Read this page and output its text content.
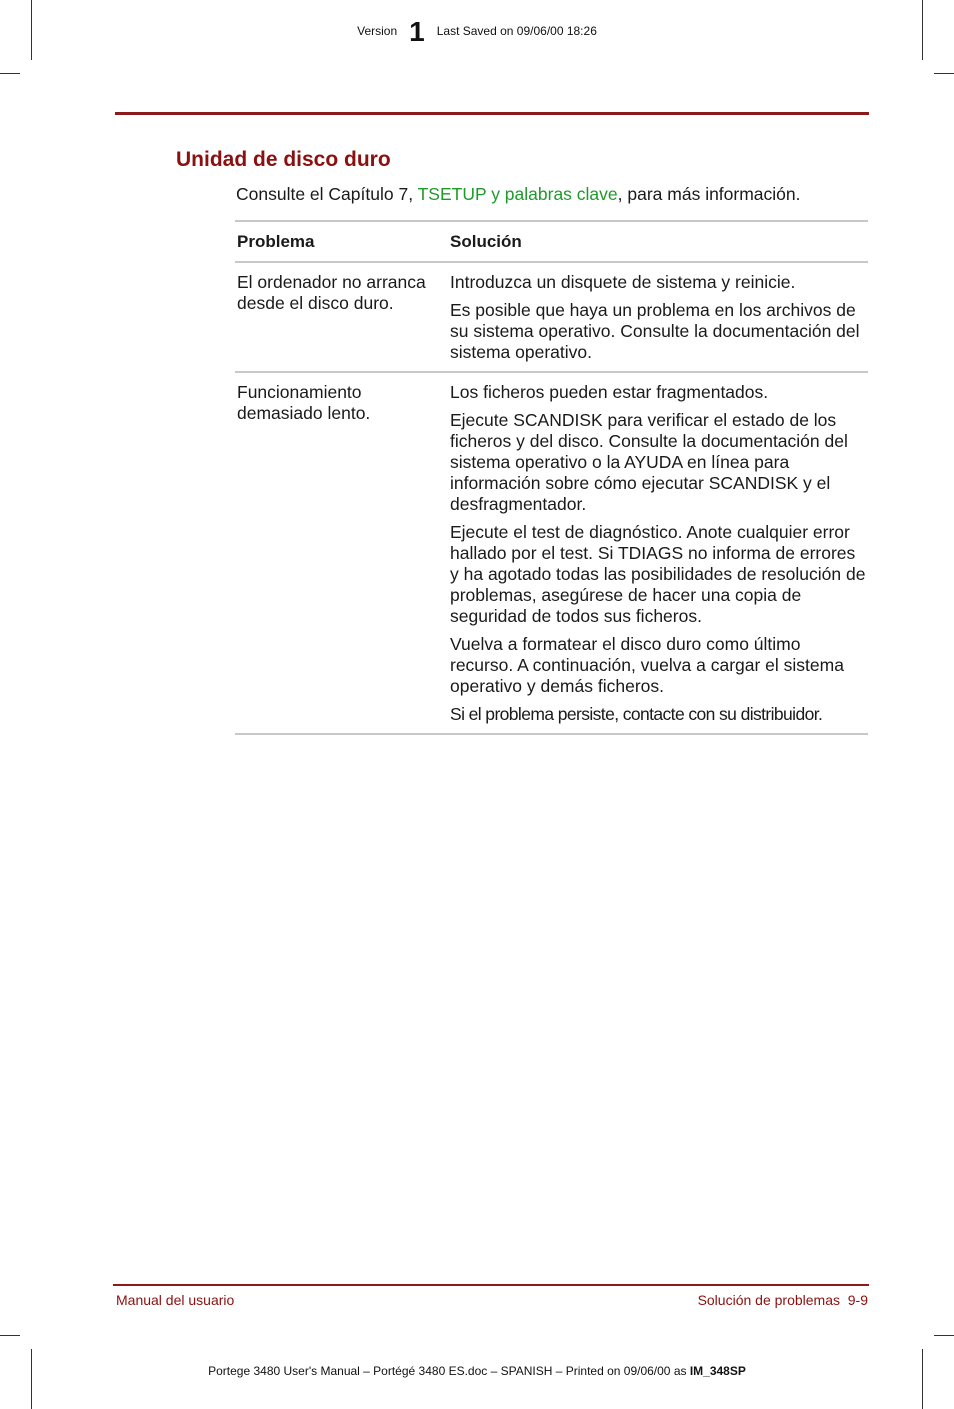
Version 1 Last Saved on 09/06/00 18:26
Unidad de disco duro
Consulte el Capítulo 7, TSETUP y palabras clave, para más información.
Problema	Solución
El ordenador no arranca desde el disco duro.	Introduzca un disquete de sistema y reinicie.

Es posible que haya un problema en los archivos de su sistema operativo. Consulte la documentación del sistema operativo.

Funcionamiento demasiado lento.	Los ficheros pueden estar fragmentados.

Ejecute SCANDISK para verificar el estado de los ficheros y del disco. Consulte la documentación del sistema operativo o la AYUDA en línea para información sobre cómo ejecutar SCANDISK y el desfragmentador.

Ejecute el test de diagnóstico. Anote cualquier error hallado por el test. Si TDIAGS no informa de errores y ha agotado todas las posibilidades de resolución de problemas, asegúrese de hacer una copia de seguridad de todos sus ficheros.

Vuelva a formatear el disco duro como último recurso. A continuación, vuelva a cargar el sistema operativo y demás ficheros.

Si el problema persiste, contacte con su distribuidor.

Manual del usuario	Solución de problemas  9-9
Portege 3480 User's Manual – Portégé 3480 ES.doc – SPANISH – Printed on 09/06/00 as IM_348SP
